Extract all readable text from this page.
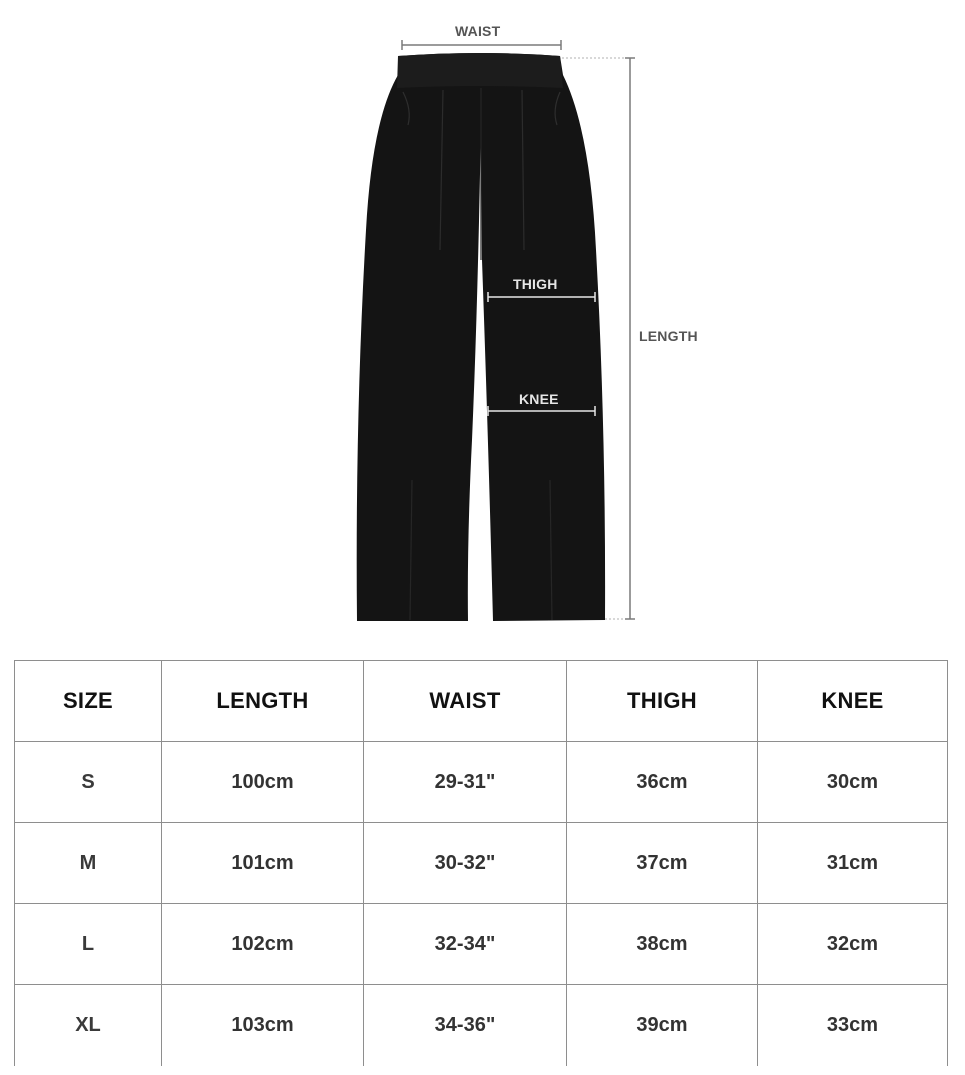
WAIST
LENGTH
THIGH
KNEE
SIZE	LENGTH	WAIST	THIGH	KNEE
S	100cm	29-31"	36cm	30cm
M	101cm	30-32"	37cm	31cm
L	102cm	32-34"	38cm	32cm
XL	103cm	34-36"	39cm	33cm
